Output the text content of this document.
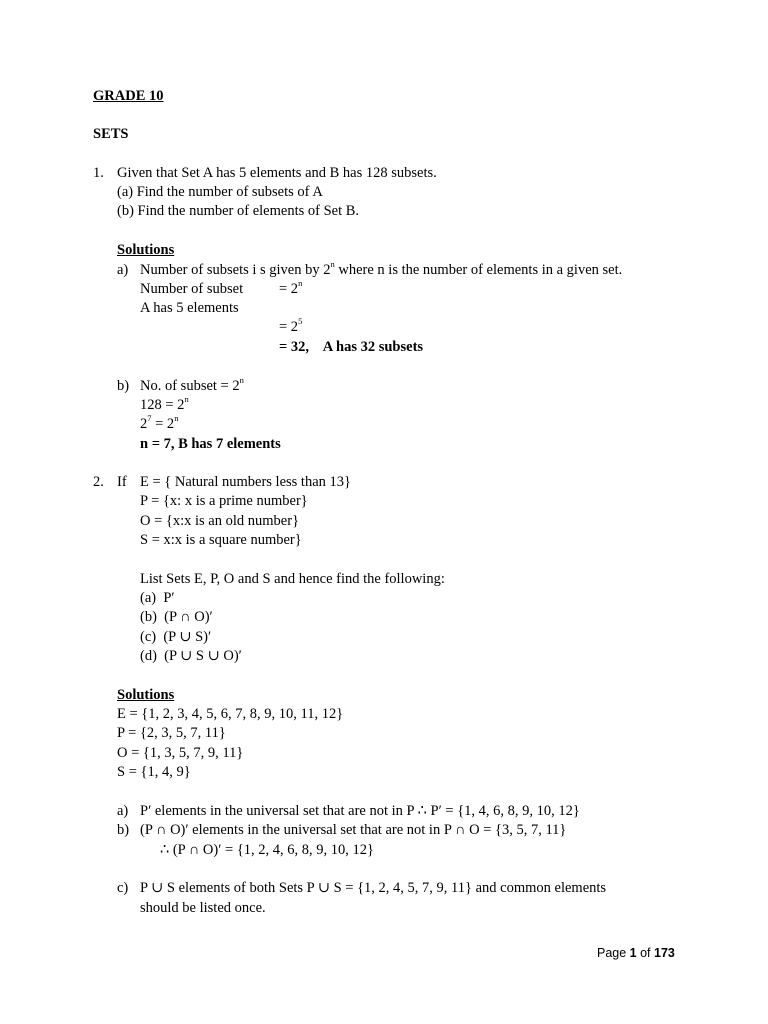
GRADE 10
SETS
1. Given that Set A has 5 elements and B has 128 subsets.
(a) Find the number of subsets of A
(b) Find the number of elements of Set B.
Solutions
a) Number of subsets i s given by 2$^n$ where n is the number of elements in a given set.
Number of subset = $2^n$
A has 5 elements
= $2^5$
= 32,    A has 32 subsets
b) No. of subset = $2^n$
$128 = 2^n$
$2^7 = 2^n$
n = 7, B has 7 elements
2. If E = { Natural numbers less than 13}
P = {x: x is a prime number}
O = {x:x is an old number}
S = x:x is a square number}
List Sets E, P, O and S and hence find the following:
(a)  P′
(b)  (P ∩ O)′
(c)  (P ∪ S)′
(d)  (P ∪ S ∪ O)′
Solutions
E = {1, 2, 3, 4, 5, 6, 7, 8, 9, 10, 11, 12}
P = {2, 3, 5, 7, 11}
O = {1, 3, 5, 7, 9, 11}
S = {1, 4, 9}
a) P′ elements in the universal set that are not in P ∴ P′ = {1, 4, 6, 8, 9, 10, 12}
b) (P ∩ O)′ elements in the universal set that are not in P ∩ O = {3, 5, 7, 11}
∴ (P ∩ O)′ = {1, 2, 4, 6, 8, 9, 10, 12}
c) P ∪ S elements of both Sets P ∪ S = {1, 2, 4, 5, 7, 9, 11} and common elements
should be listed once.
Page 1 of 173
